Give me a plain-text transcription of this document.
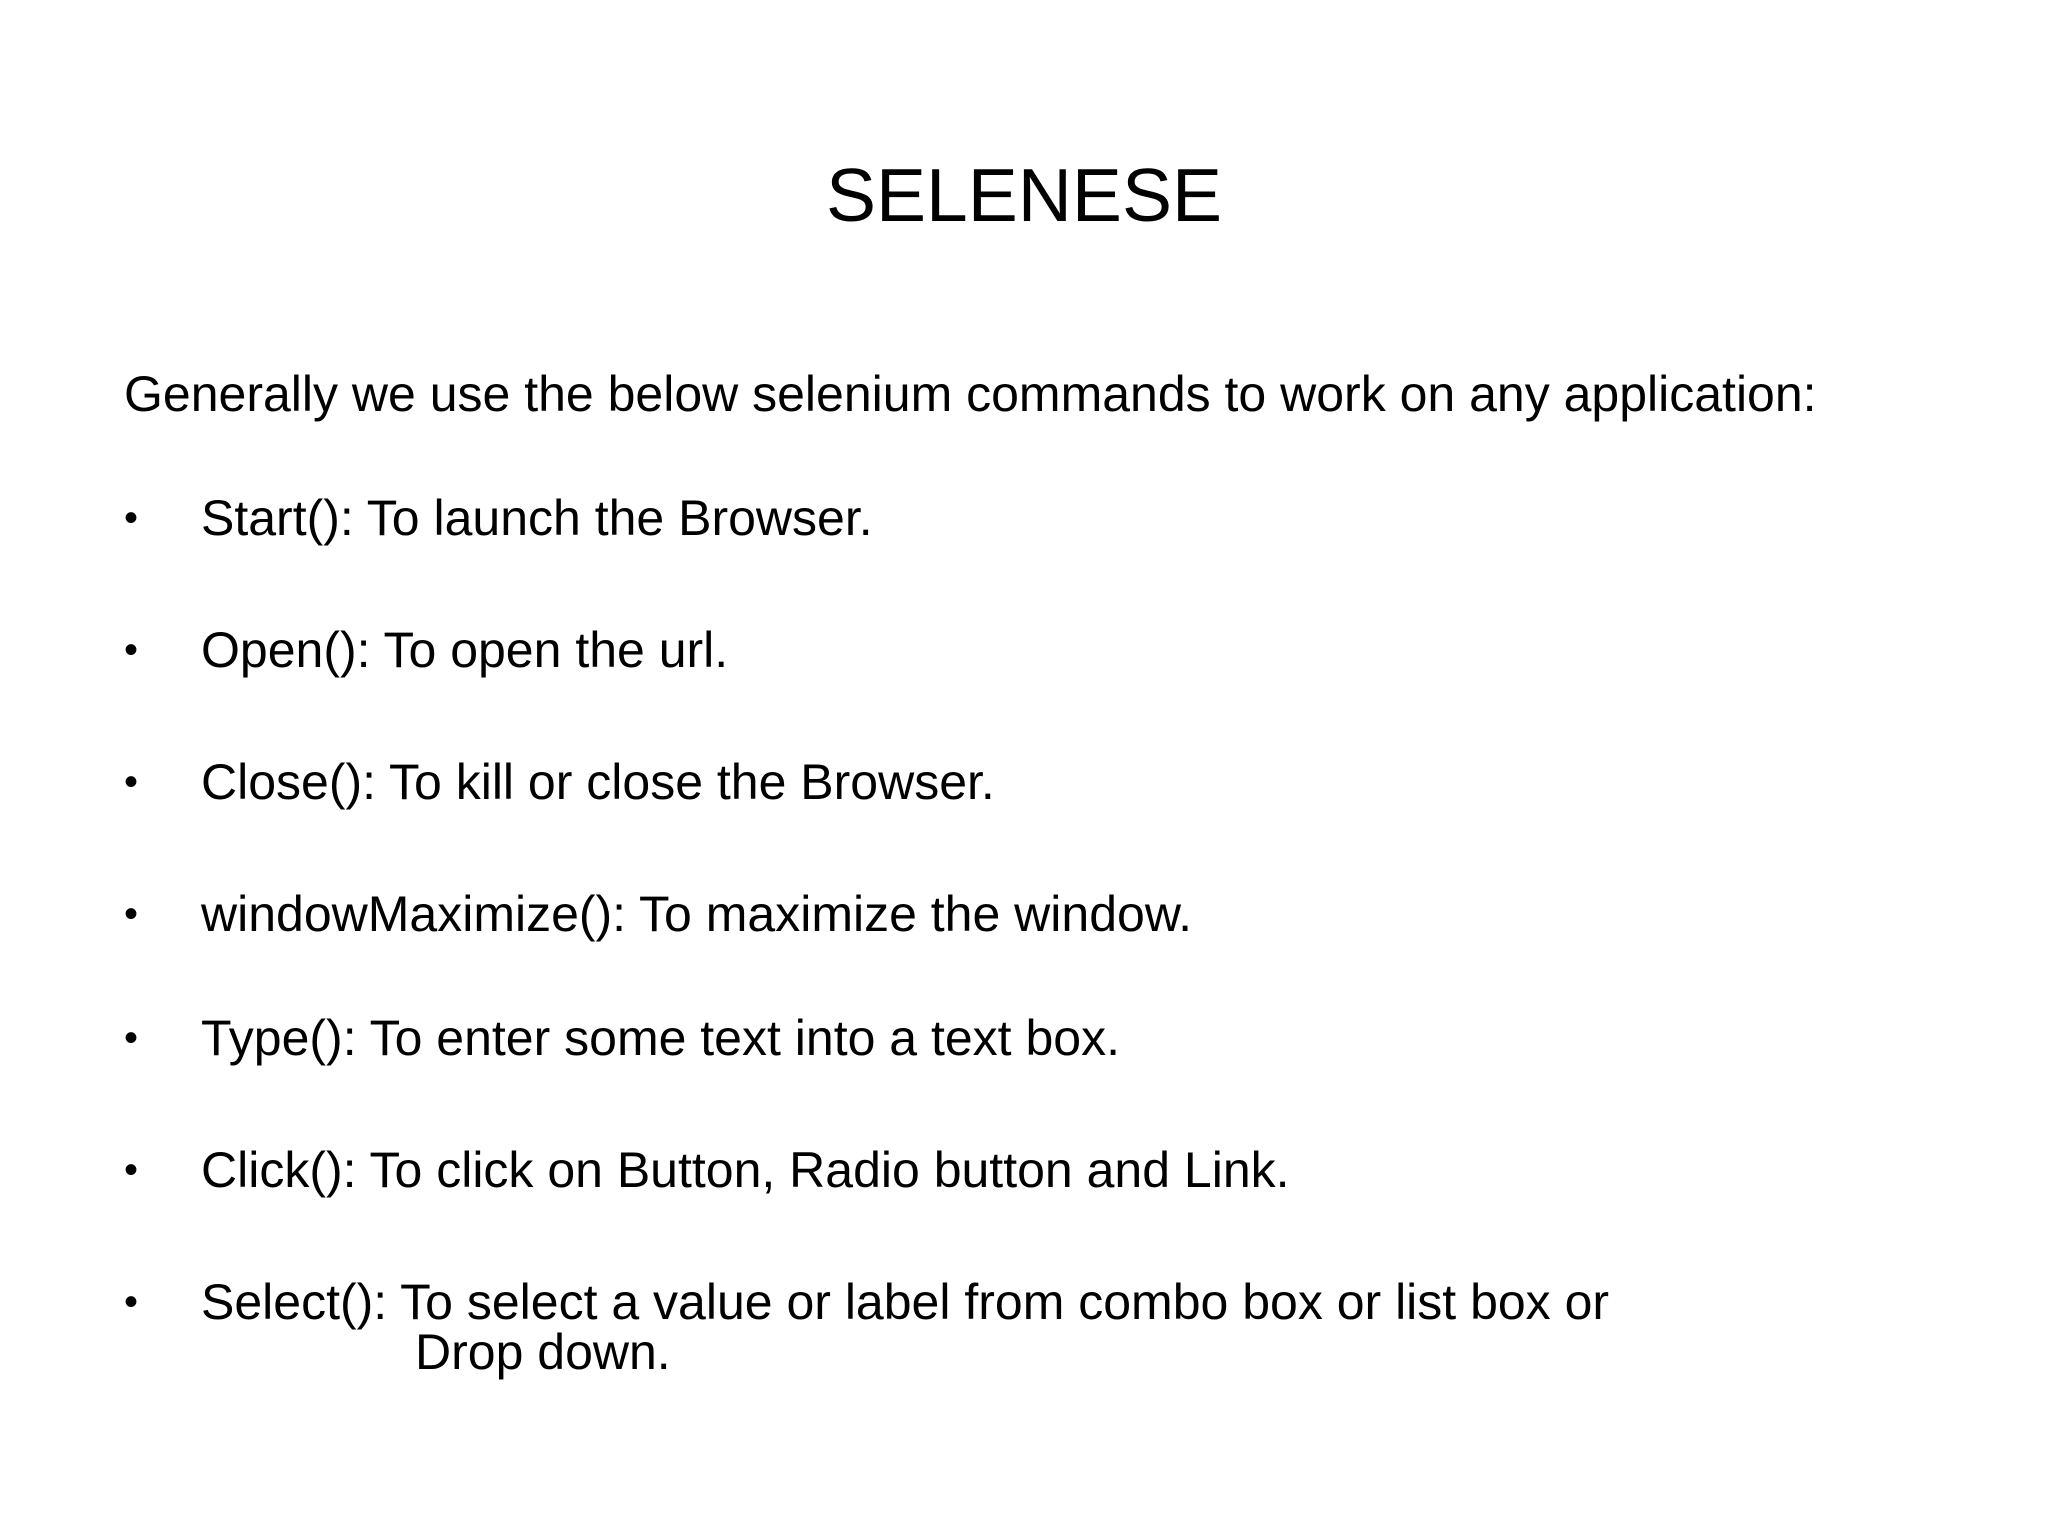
SELENESE

Generally we use the below selenium commands to work on any application:

• Start(): To launch the Browser.
• Open(): To open the url.
• Close(): To kill or close the Browser.
• windowMaximize(): To maximize the window.
• Type(): To enter some text into a text box.
• Click(): To click on Button, Radio button and Link.
• Select(): To select a value or label from combo box or list box or
Drop down.
